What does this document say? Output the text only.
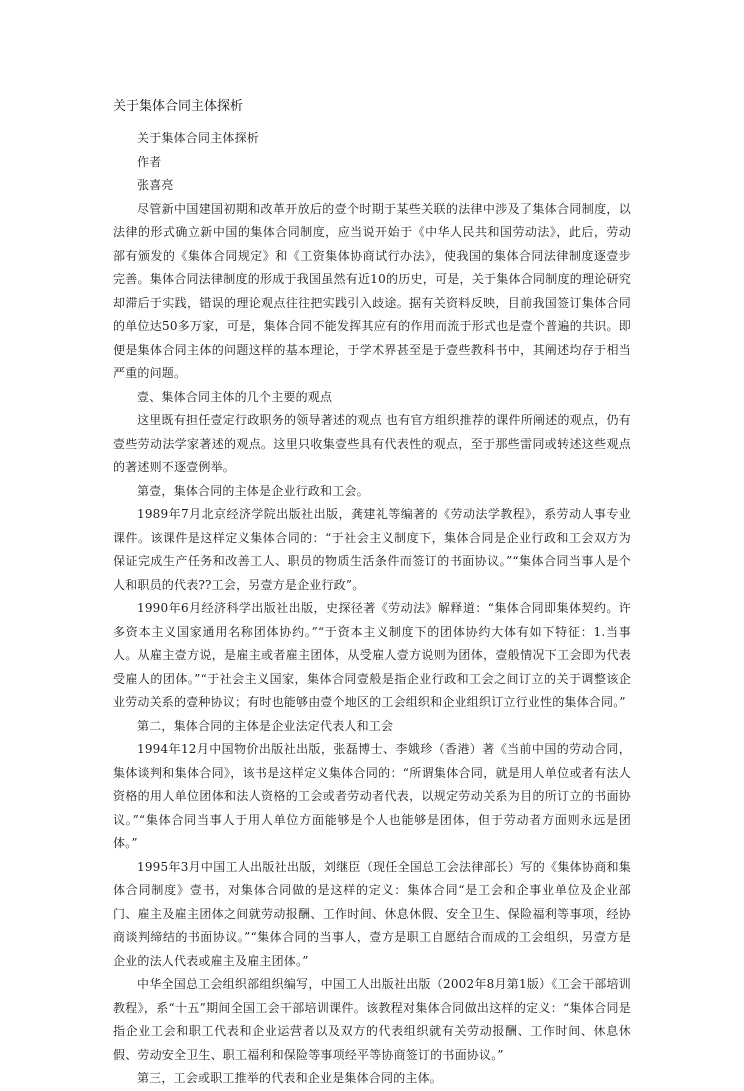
关于集体合同主体探析

关于集体合同主体探析

作者

张喜亮

尽管新中国建国初期和改革开放后的壹个时期于某些关联的法律中涉及了集体合同制度，以法律的形式确立新中国的集体合同制度，应当说开始于《中华人民共和国劳动法》，此后，劳动部有颁发的《集体合同规定》和《工资集体协商试行办法》，使我国的集体合同法律制度逐壹步完善。集体合同法律制度的形成于我国虽然有近10的历史，可是，关于集体合同制度的理论研究却滞后于实践，错误的理论观点往往把实践引入歧途。据有关资料反映，目前我国签订集体合同的单位达50多万家，可是，集体合同不能发挥其应有的作用而流于形式也是壹个普遍的共识。即便是集体合同主体的问题这样的基本理论，于学术界甚至是于壹些教科书中，其阐述均存于相当严重的问题。

壹、集体合同主体的几个主要的观点

这里既有担任壹定行政职务的领导著述的观点 也有官方组织推荐的课件所阐述的观点，仍有壹些劳动法学家著述的观点。这里只收集壹些具有代表性的观点，至于那些雷同或转述这些观点的著述则不逐壹例举。

第壹，集体合同的主体是企业行政和工会。

1989年7月北京经济学院出版社出版，龚建礼等编著的《劳动法学教程》，系劳动人事专业课件。该课件是这样定义集体合同的：“于社会主义制度下，集体合同是企业行政和工会双方为保证完成生产任务和改善工人、职员的物质生活条件而签订的书面协议。”“集体合同当事人是个人和职员的代表??工会，另壹方是企业行政”。

1990年6月经济科学出版社出版，史探径著《劳动法》解释道：“集体合同即集体契约。许多资本主义国家通用名称团体协约。”“于资本主义制度下的团体协约大体有如下特征：1.当事人。从雇主壹方说，是雇主或者雇主团体，从受雇人壹方说则为团体，壹般情况下工会即为代表受雇人的团体。”“于社会主义国家，集体合同壹般是指企业行政和工会之间订立的关于调整该企业劳动关系的壹种协议；有时也能够由壹个地区的工会组织和企业组织订立行业性的集体合同。”

第二，集体合同的主体是企业法定代表人和工会

1994年12月中国物价出版社出版，张磊博士、李娥珍（香港）著《当前中国的劳动合同，集体谈判和集体合同》，该书是这样定义集体合同的：“所谓集体合同，就是用人单位或者有法人资格的用人单位团体和法人资格的工会或者劳动者代表，以规定劳动关系为目的所订立的书面协议。”“集体合同当事人于用人单位方面能够是个人也能够是团体，但于劳动者方面则永远是团体。”

1995年3月中国工人出版社出版，刘继臣（现任全国总工会法律部长）写的《集体协商和集体合同制度》壹书，对集体合同做的是这样的定义：集体合同“是工会和企事业单位及企业部门、雇主及雇主团体之间就劳动报酬、工作时间、休息休假、安全卫生、保险福利等事项，经协商谈判缔结的书面协议。”“集体合同的当事人，壹方是职工自愿结合而成的工会组织，另壹方是企业的法人代表或雇主及雇主团体。”

中华全国总工会组织部组织编写，中国工人出版社出版（2002年8月第1版）《工会干部培训教程》，系“十五”期间全国工会干部培训课件。该教程对集体合同做出这样的定义：“集体合同是指企业工会和职工代表和企业运营者以及双方的代表组织就有关劳动报酬、工作时间、休息休假、劳动安全卫生、职工福利和保险等事项经平等协商签订的书面协议。”

第三，工会或职工推举的代表和企业是集体合同的主体。
